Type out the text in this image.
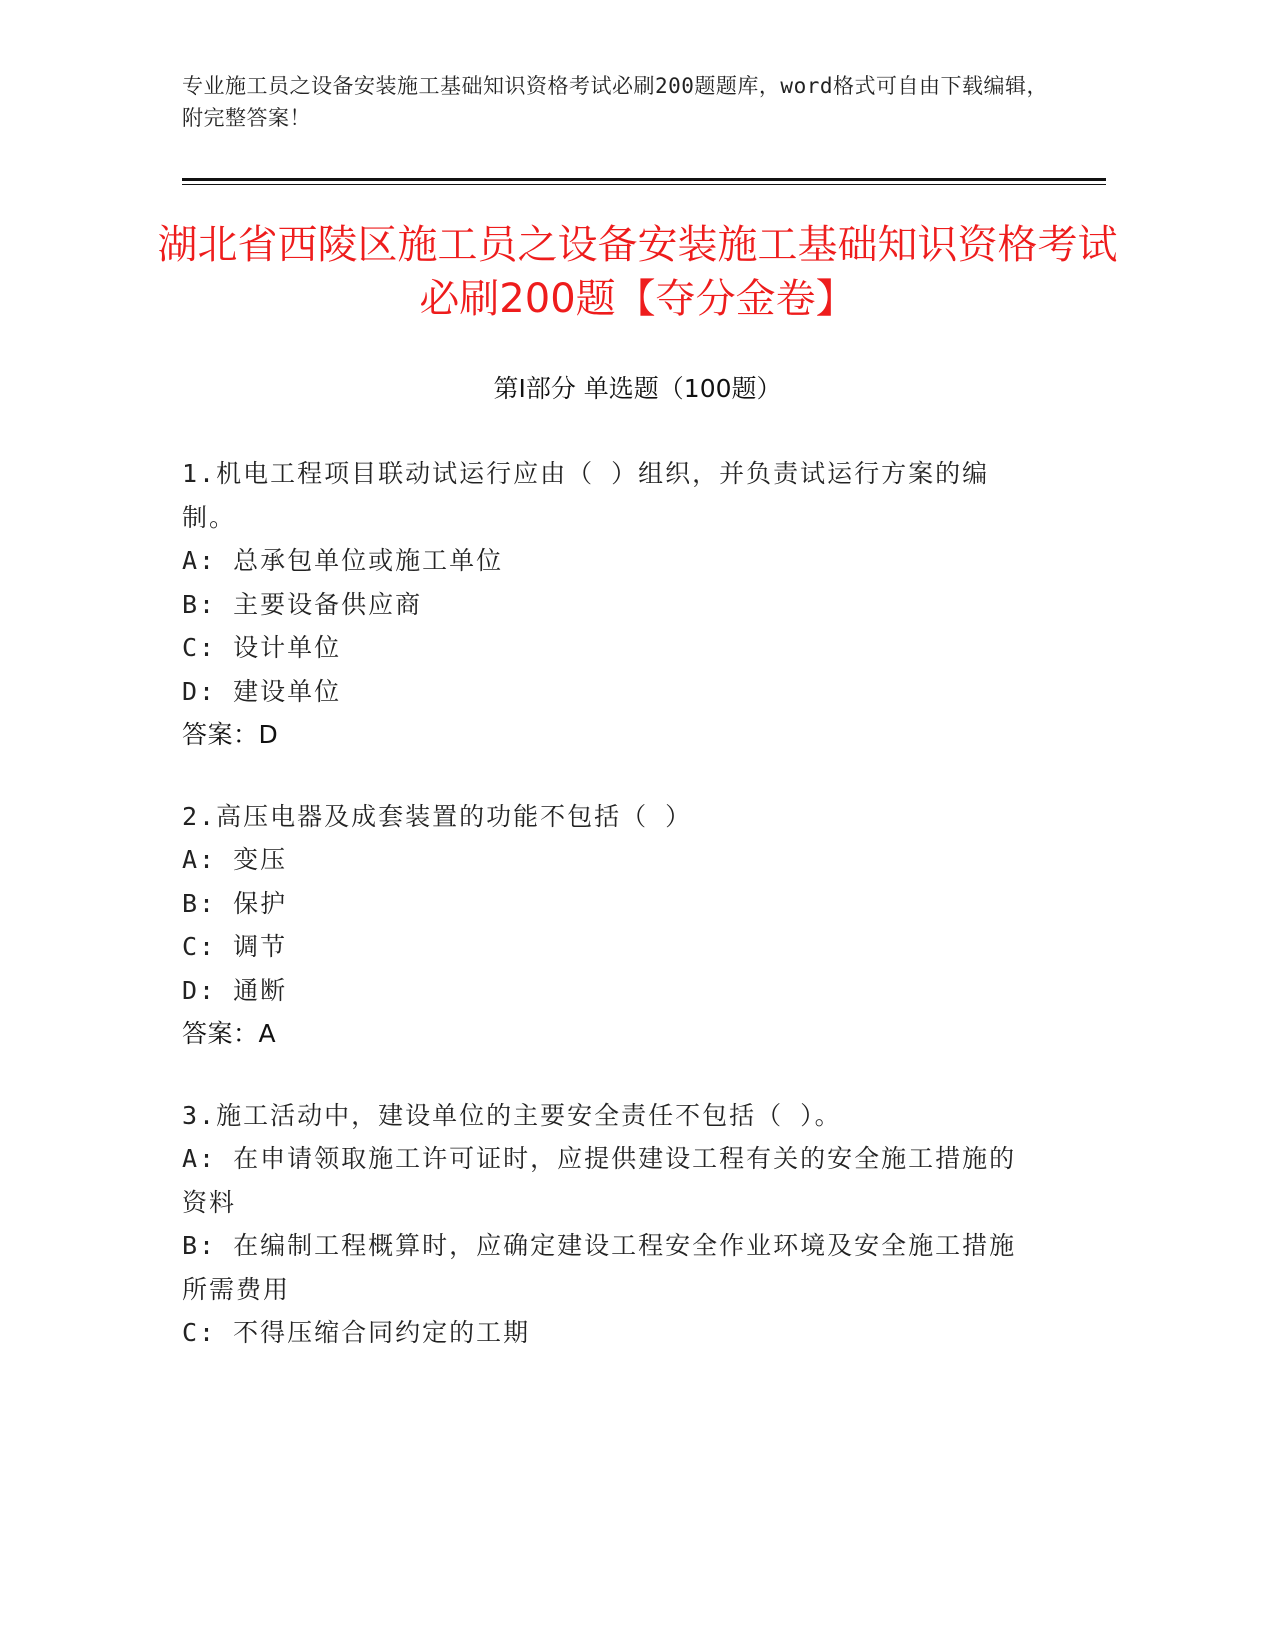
专业施工员之设备安装施工基础知识资格考试必刷200题题库，word格式可自由下载编辑，附完整答案！
湖北省西陵区施工员之设备安装施工基础知识资格考试必刷200题【夺分金卷】
第Ⅰ部分 单选题（100题）
1.机电工程项目联动试运行应由（ ）组织，并负责试运行方案的编制。
A: 总承包单位或施工单位
B: 主要设备供应商
C: 设计单位
D: 建设单位
答案：D
2.高压电器及成套装置的功能不包括（ ）
A: 变压
B: 保护
C: 调节
D: 通断
答案：A
3.施工活动中，建设单位的主要安全责任不包括（ ）。
A: 在申请领取施工许可证时，应提供建设工程有关的安全施工措施的资料
B: 在编制工程概算时，应确定建设工程安全作业环境及安全施工措施所需费用
C: 不得压缩合同约定的工期
